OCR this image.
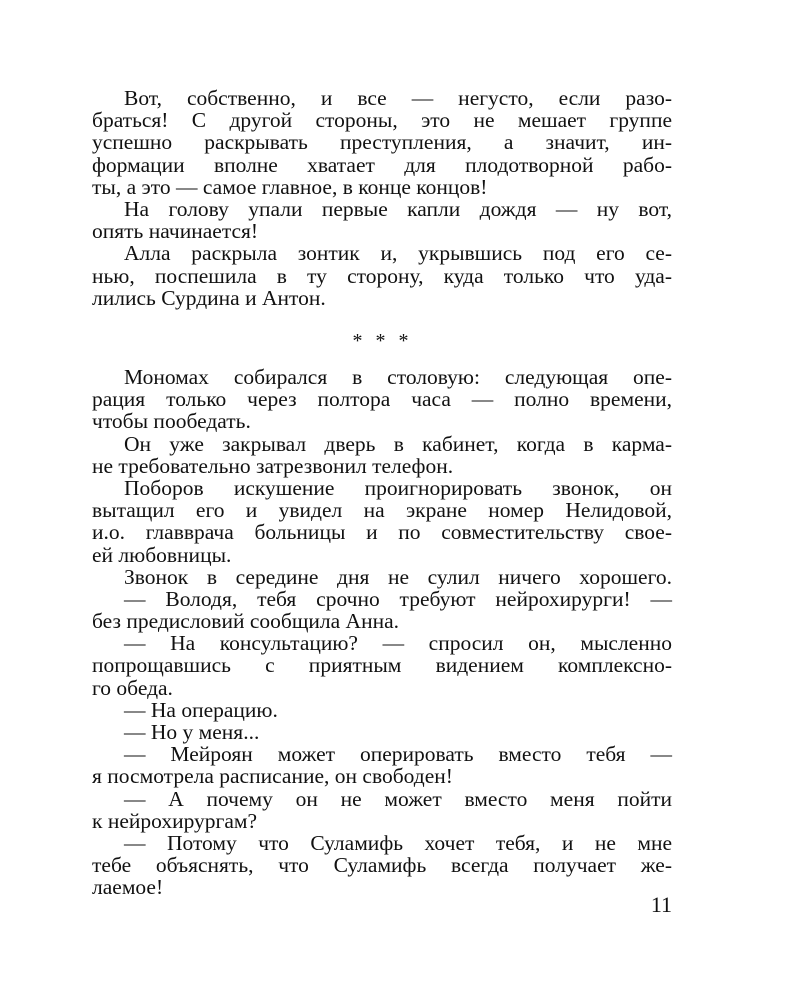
Вот, собственно, и все — негусто, если разо-
браться! С другой стороны, это не мешает группе
успешно раскрывать преступления, а значит, ин-
формации вполне хватает для плодотворной рабо-
ты, а это — самое главное, в конце концов!
На голову упали первые капли дождя — ну вот,
опять начинается!
Алла раскрыла зонтик и, укрывшись под его се-
нью, поспешила в ту сторону, куда только что уда-
лились Сурдина и Антон.
* * *
Мономах собирался в столовую: следующая опе-
рация только через полтора часа — полно времени,
чтобы пообедать.
Он уже закрывал дверь в кабинет, когда в карма-
не требовательно затрезвонил телефон.
Поборов искушение проигнорировать звонок, он
вытащил его и увидел на экране номер Нелидовой,
и.о. главврача больницы и по совместительству свое-
ей любовницы.
Звонок в середине дня не сулил ничего хорошего.
— Володя, тебя срочно требуют нейрохирурги! —
без предисловий сообщила Анна.
— На консультацию? — спросил он, мысленно
попрощавшись с приятным видением комплексно-
го обеда.
— На операцию.
— Но у меня...
— Мейроян может оперировать вместо тебя —
я посмотрела расписание, он свободен!
— А почему он не может вместо меня пойти
к нейрохирургам?
— Потому что Суламифь хочет тебя, и не мне
тебе объяснять, что Суламифь всегда получает же-
лаемое!
11
